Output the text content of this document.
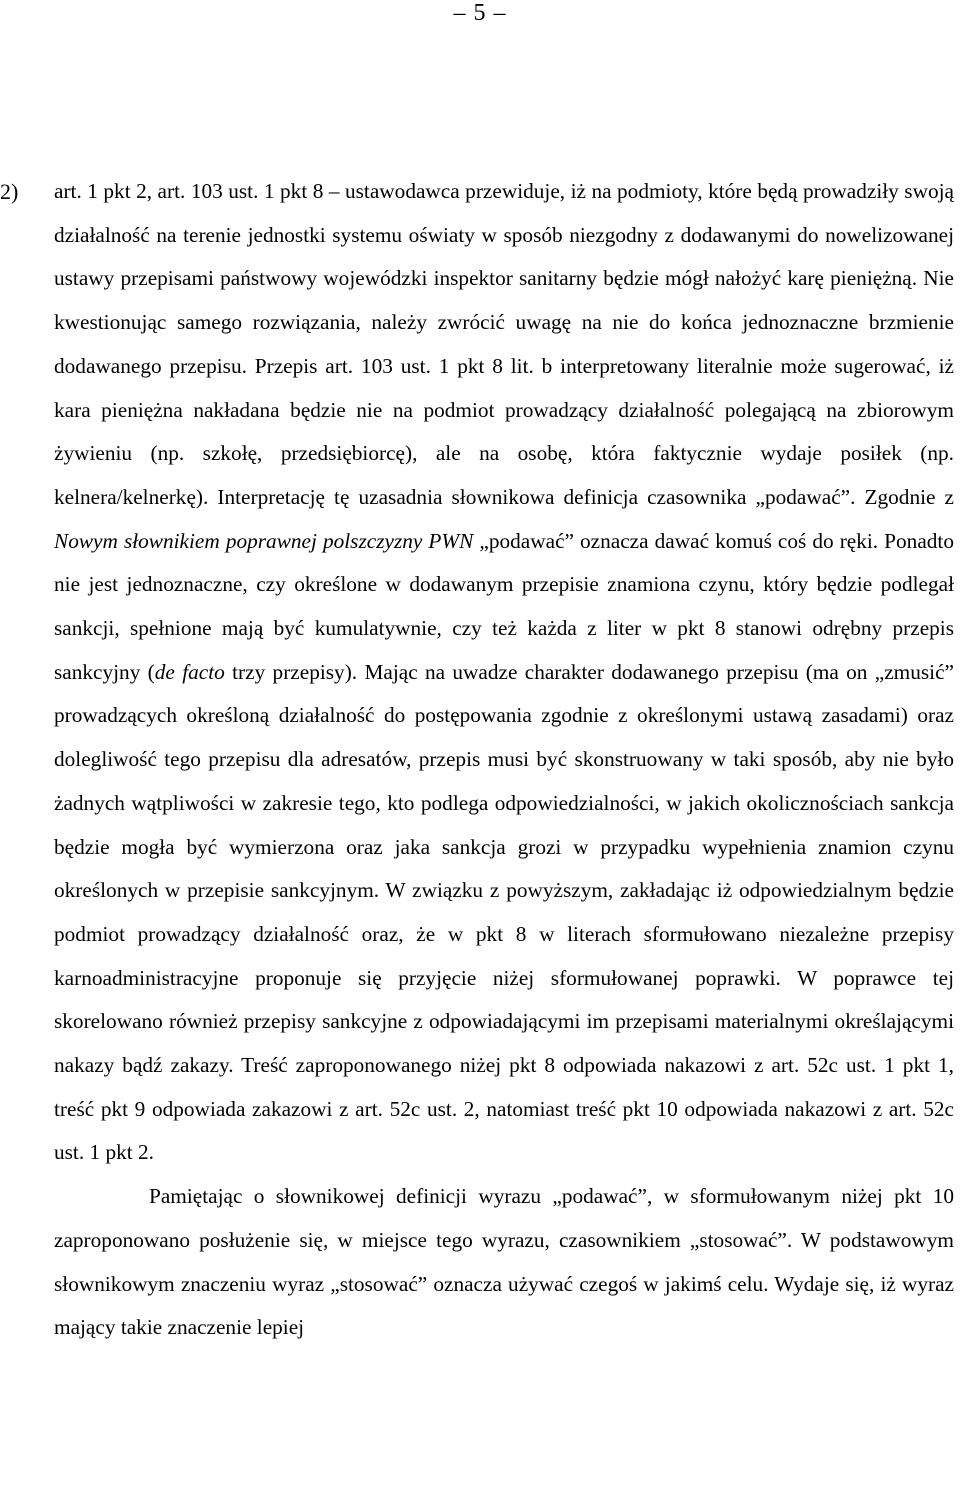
– 5 –
2) art. 1 pkt 2, art. 103 ust. 1 pkt 8 – ustawodawca przewiduje, iż na podmioty, które będą prowadziły swoją działalność na terenie jednostki systemu oświaty w sposób niezgodny z dodawanymi do nowelizowanej ustawy przepisami państwowy wojewódzki inspektor sanitarny będzie mógł nałożyć karę pieniężną. Nie kwestionując samego rozwiązania, należy zwrócić uwagę na nie do końca jednoznaczne brzmienie dodawanego przepisu. Przepis art. 103 ust. 1 pkt 8 lit. b interpretowany literalnie może sugerować, iż kara pieniężna nakładana będzie nie na podmiot prowadzący działalność polegającą na zbiorowym żywieniu (np. szkołę, przedsiębiorcę), ale na osobę, która faktycznie wydaje posiłek (np. kelnera/kelnerkę). Interpretację tę uzasadnia słownikowa definicja czasownika „podawać”. Zgodnie z Nowym słownikiem poprawnej polszczyzny PWN „podawać” oznacza dawać komuś coś do ręki. Ponadto nie jest jednoznaczne, czy określone w dodawanym przepisie znamiona czynu, który będzie podlegał sankcji, spełnione mają być kumulatywnie, czy też każda z liter w pkt 8 stanowi odrębny przepis sankcyjny (de facto trzy przepisy). Mając na uwadze charakter dodawanego przepisu (ma on „zmusić” prowadzących określoną działalność do postępowania zgodnie z określonymi ustawą zasadami) oraz dolegliwość tego przepisu dla adresatów, przepis musi być skonstruowany w taki sposób, aby nie było żadnych wątpliwości w zakresie tego, kto podlega odpowiedzialności, w jakich okolicznościach sankcja będzie mogła być wymierzona oraz jaka sankcja grozi w przypadku wypełnienia znamion czynu określonych w przepisie sankcyjnym. W związku z powyższym, zakładając iż odpowiedzialnym będzie podmiot prowadzący działalność oraz, że w pkt 8 w literach sformułowano niezależne przepisy karnoadministracyjne proponuje się przyjęcie niżej sformułowanej poprawki. W poprawce tej skorelowano również przepisy sankcyjne z odpowiadającymi im przepisami materialnymi określającymi nakazy bądź zakazy. Treść zaproponowanego niżej pkt 8 odpowiada nakazowi z art. 52c ust. 1 pkt 1, treść pkt 9 odpowiada zakazowi z art. 52c ust. 2, natomiast treść pkt 10 odpowiada nakazowi z art. 52c ust. 1 pkt 2.

Pamiętając o słownikowej definicji wyrazu „podawać”, w sformułowanym niżej pkt 10 zaproponowano posłużenie się, w miejsce tego wyrazu, czasownikiem „stosować”. W podstawowym słownikowym znaczeniu wyraz „stosować” oznacza używać czegoś w jakimś celu. Wydaje się, iż wyraz mający takie znaczenie lepiej
